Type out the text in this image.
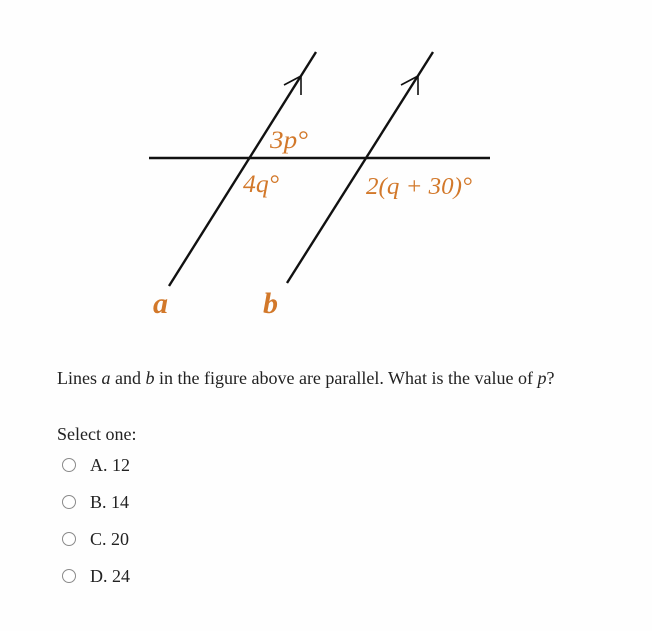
3p°
4q°	2(q + 30)°
a	b
Lines a and b in the figure above are parallel. What is the value of p?
Select one:
A. 12
B. 14
C. 20
D. 24
